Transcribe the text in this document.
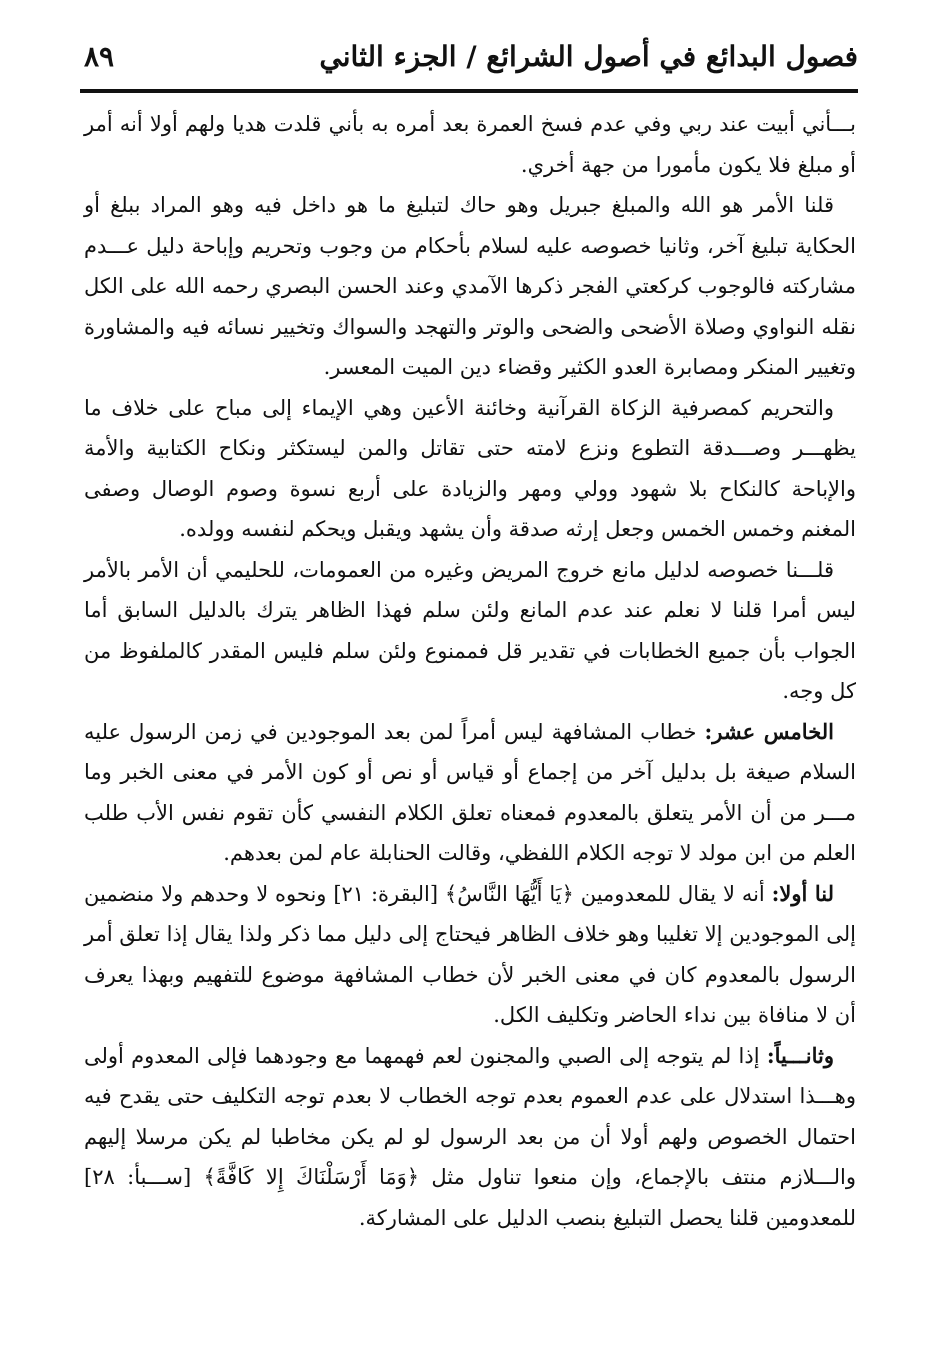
فصول البدائع في أصول الشرائع / الجزء الثاني
٨٩

بـــأني أبيت عند ربي وفي عدم فسخ العمرة بعد أمره به بأني قلدت هديا ولهم أولا أنه أمر أو مبلغ فلا يكون مأمورا من جهة أخري.

قلنا الأمر هو الله والمبلغ جبريل وهو حاك لتبليغ ما هو داخل فيه وهو المراد ببلغ أو الحكاية تبليغ آخر، وثانيا خصوصه عليه لسلام بأحكام من وجوب وتحريم وإباحة دليل عـــدم مشاركته فالوجوب كركعتي الفجر ذكرها الآمدي وعند الحسن البصري رحمه الله على الكل نقله النواوي وصلاة الأضحى والضحى والوتر والتهجد والسواك وتخيير نسائه فيه والمشاورة وتغيير المنكر ومصابرة العدو الكثير وقضاء دين الميت المعسر.

والتحريم كمصرفية الزكاة القرآنية وخائنة الأعين وهي الإيماء إلى مباح على خلاف ما يظهـــر وصـــدقة التطوع ونزع لامته حتى تقاتل والمن ليستكثر ونكاح الكتابية والأمة والإباحة كالنكاح بلا شهود وولي ومهر والزيادة على أربع نسوة وصوم الوصال وصفى المغنم وخمس الخمس وجعل إرثه صدقة وأن يشهد ويقبل ويحكم لنفسه وولده.

قلـــنا خصوصه لدليل مانع خروج المريض وغيره من العمومات، للحليمي أن الأمر بالأمر ليس أمرا قلنا لا نعلم عند عدم المانع ولئن سلم فهذا الظاهر يترك بالدليل السابق أما الجواب بأن جميع الخطابات في تقدير قل فممنوع ولئن سلم فليس المقدر كالملفوظ من كل وجه.

الخامس عشر: خطاب المشافهة ليس أمراً لمن بعد الموجودين في زمن الرسول عليه السلام صيغة بل بدليل آخر من إجماع أو قياس أو نص أو كون الأمر في معنى الخبر وما مـــر من أن الأمر يتعلق بالمعدوم فمعناه تعلق الكلام النفسي كأن تقوم نفس الأب طلب العلم من ابن مولد لا توجه الكلام اللفظي، وقالت الحنابلة عام لمن بعدهم.

لنا أولا: أنه لا يقال للمعدومين ﴿يَا أَيُّهَا النَّاسُ﴾ [البقرة: ٢١] ونحوه لا وحدهم ولا منضمين إلى الموجودين إلا تغليبا وهو خلاف الظاهر فيحتاج إلى دليل مما ذكر ولذا يقال إذا تعلق أمر الرسول بالمعدوم كان في معنى الخبر لأن خطاب المشافهة موضوع للتفهيم وبهذا يعرف أن لا منافاة بين نداء الحاضر وتكليف الكل.

وثانـــياً: إذا لم يتوجه إلى الصبي والمجنون لعم فهمهما مع وجودهما فإلى المعدوم أولى وهـــذا استدلال على عدم العموم بعدم توجه الخطاب لا بعدم توجه التكليف حتى يقدح فيه احتمال الخصوص ولهم أولا أن من بعد الرسول لو لم يكن مخاطبا لم يكن مرسلا إليهم والـــلازم منتف بالإجماع، وإن منعوا تناول مثل ﴿وَمَا أَرْسَلْنَاكَ إِلا كَافَّةً﴾ [ســـبأ: ٢٨] للمعدومين قلنا يحصل التبليغ بنصب الدليل على المشاركة.
